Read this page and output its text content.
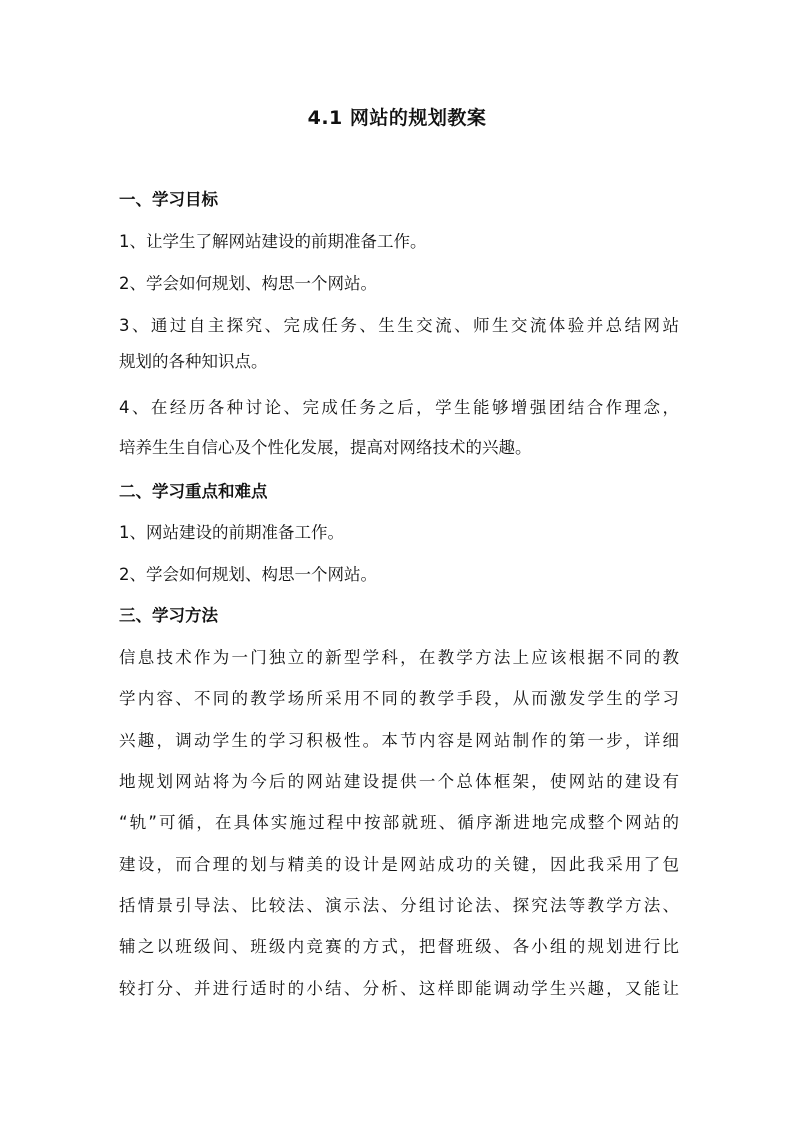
4.1 网站的规划教案

一、学习目标

1、让学生了解网站建设的前期准备工作。

2、学会如何规划、构思一个网站。

3、通过自主探究、完成任务、生生交流、师生交流体验并总结网站

规划的各种知识点。

4、在经历各种讨论、完成任务之后，学生能够增强团结合作理念，

培养生生自信心及个性化发展，提高对网络技术的兴趣。

二、学习重点和难点

1、网站建设的前期准备工作。

2、学会如何规划、构思一个网站。

三、学习方法

信息技术作为一门独立的新型学科，在教学方法上应该根据不同的教

学内容、不同的教学场所采用不同的教学手段，从而激发学生的学习

兴趣，调动学生的学习积极性。本节内容是网站制作的第一步，详细

地规划网站将为今后的网站建设提供一个总体框架，使网站的建设有

“轨”可循，在具体实施过程中按部就班、循序渐进地完成整个网站的

建设，而合理的划与精美的设计是网站成功的关键，因此我采用了包

括情景引导法、比较法、演示法、分组讨论法、探究法等教学方法、

辅之以班级间、班级内竞赛的方式，把督班级、各小组的规划进行比

较打分、并进行适时的小结、分析、这样即能调动学生兴趣，又能让
